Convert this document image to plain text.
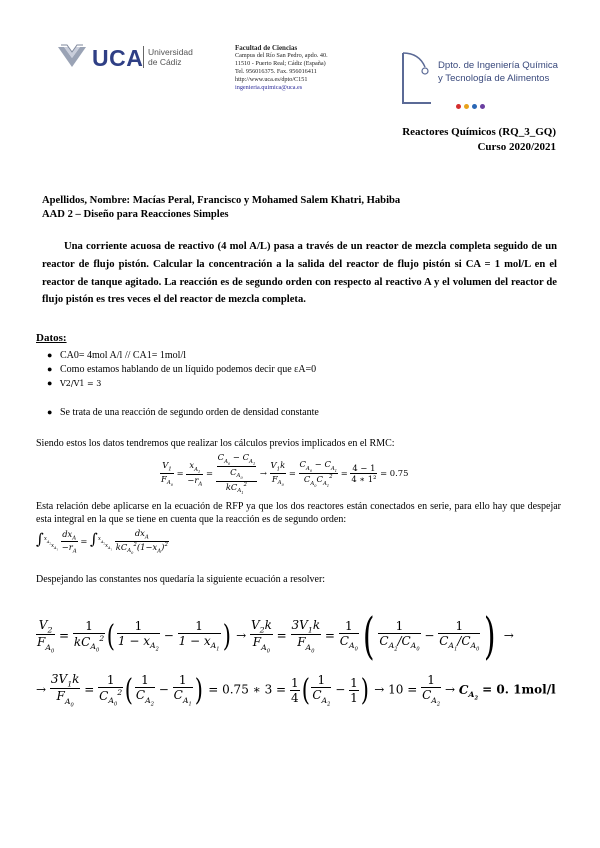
UCA Universidad
de Cádiz
Facultad de Ciencias
Campus del Río San Pedro, apdo. 40.
11510 - Puerto Real; Cádiz (España)
Tel. 956016375. Fax. 956016411
http://www.uca.es/dpto/C151
ingenieria.quimica@uca.es
Dpto. de Ingeniería Química
y Tecnología de Alimentos
Reactores Químicos (RQ_3_GQ)
Curso 2020/2021
Apellidos, Nombre: Macías Peral, Francisco y Mohamed Salem Khatri, Habiba
AAD 2 – Diseño para Reacciones Simples
Una corriente acuosa de reactivo (4 mol A/L) pasa a través de un reactor de mezcla completa seguido de un reactor de flujo pistón. Calcular la concentración a la salida del reactor de flujo pistón si CA = 1 mol/L en el reactor de tanque agitado. La reacción es de segundo orden con respecto al reactivo A y el volumen del reactor de flujo pistón es tres veces el del reactor de mezcla completa.
Datos:
● CA0= 4mol A/l // CA1= 1mol/l
● Como estamos hablando de un líquido podemos decir que εA=0
● V2/V1 = 3
● Se trata de una reacción de segundo orden de densidad constante
Siendo estos los datos tendremos que realizar los cálculos previos implicados en el RMC:
$\frac{V_1}{F_{A_0}} = \frac{x_{A_1}}{-r_A} = \frac{\frac{C_{A_0} - C_{A_1}}{C_{A_0}}}{kC_{A_1}^2} \to \frac{V_1k}{F_{A_0}} = \frac{C_{A_0} - C_{A_1}}{C_{A_0}C_{A_1}^2} = \frac{4 - 1}{\text{4 ∗ 1²}} = 0.75$
Esta relación debe aplicarse en la ecuación de RFP ya que los dos reactores están conectados en serie, para ello hay que despejar esta integral en la que se tiene en cuenta que la reacción es de segundo orden:
$\int^{x_{A_2}}_{x_{A_1}} \frac{dx_A}{-r_A} = \int^{x_{A_2}}_{x_{A_1}} \frac{dx_A}{kC_{A_0}^2(1-x_A)^2}$
Despejando las constantes nos quedaría la siguiente ecuación a resolver:
$\frac{V_2}{F_{A_0}} = \frac{1}{kC_{A_0}^2}$ ( $\frac{1}{1 - x_{A_2}} - \frac{1}{1 - x_{A_1}}$ ) → $\frac{V_2k}{F_{A_0}} = \frac{3V_1k}{F_{A_0}} = \frac{1}{C_{A_0}}$ ( $\frac{1}{C_{A_2}/C_{A_0}} - \frac{1}{C_{A_1}/C_{A_0}}$ ) →
→ $\frac{3V_1k}{F_{A_0}} = \frac{1}{C_{A_0}^2}$ ( $\frac{1}{C_{A_2}} - \frac{1}{C_{A_1}}$ ) = 0.75 ∗ $3 = \frac{1}{4}$ ( $\frac{1}{C_{A_2}} - \frac{1}{1}$ ) → $10 = \frac{1}{C_{A_2}} \to C_{A_2} = 0$. 1mol/l
